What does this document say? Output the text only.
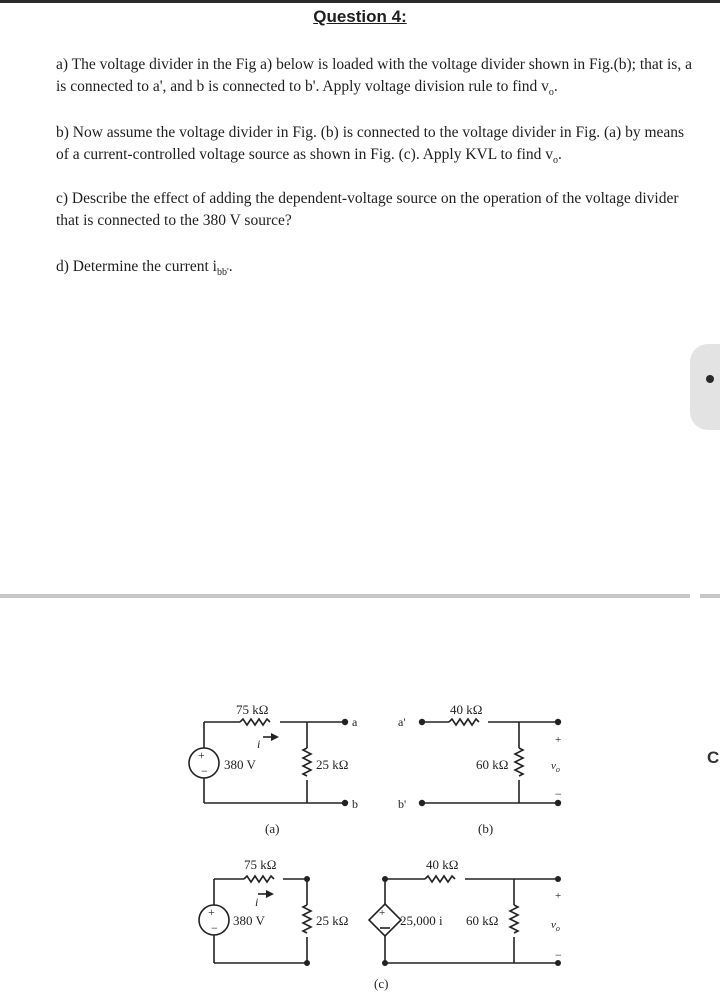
Question 4:

a) The voltage divider in the Fig a) below is loaded with the voltage divider shown in Fig.(b); that is, a is connected to a', and b is connected to b'. Apply voltage division rule to find $v_o$.

b) Now assume the voltage divider in Fig. (b) is connected to the voltage divider in Fig. (a) by means of a current-controlled voltage source as shown in Fig. (c). Apply KVL to find $v_o$.

c) Describe the effect of adding the dependent-voltage source on the operation of the voltage divider that is connected to the 380 V source?

d) Determine the current $i_{bb'}$.

C
+
−
75 kΩ
i
380 V	25 kΩ
a
b
(a)
a'
b'
40 kΩ
60 kΩ
+
−
$v_o$
(b)
+
−
75 kΩ
i
380 V	25 kΩ	+
40 kΩ
25,000 i 60 kΩ
+
−
$v_o$
(c)
